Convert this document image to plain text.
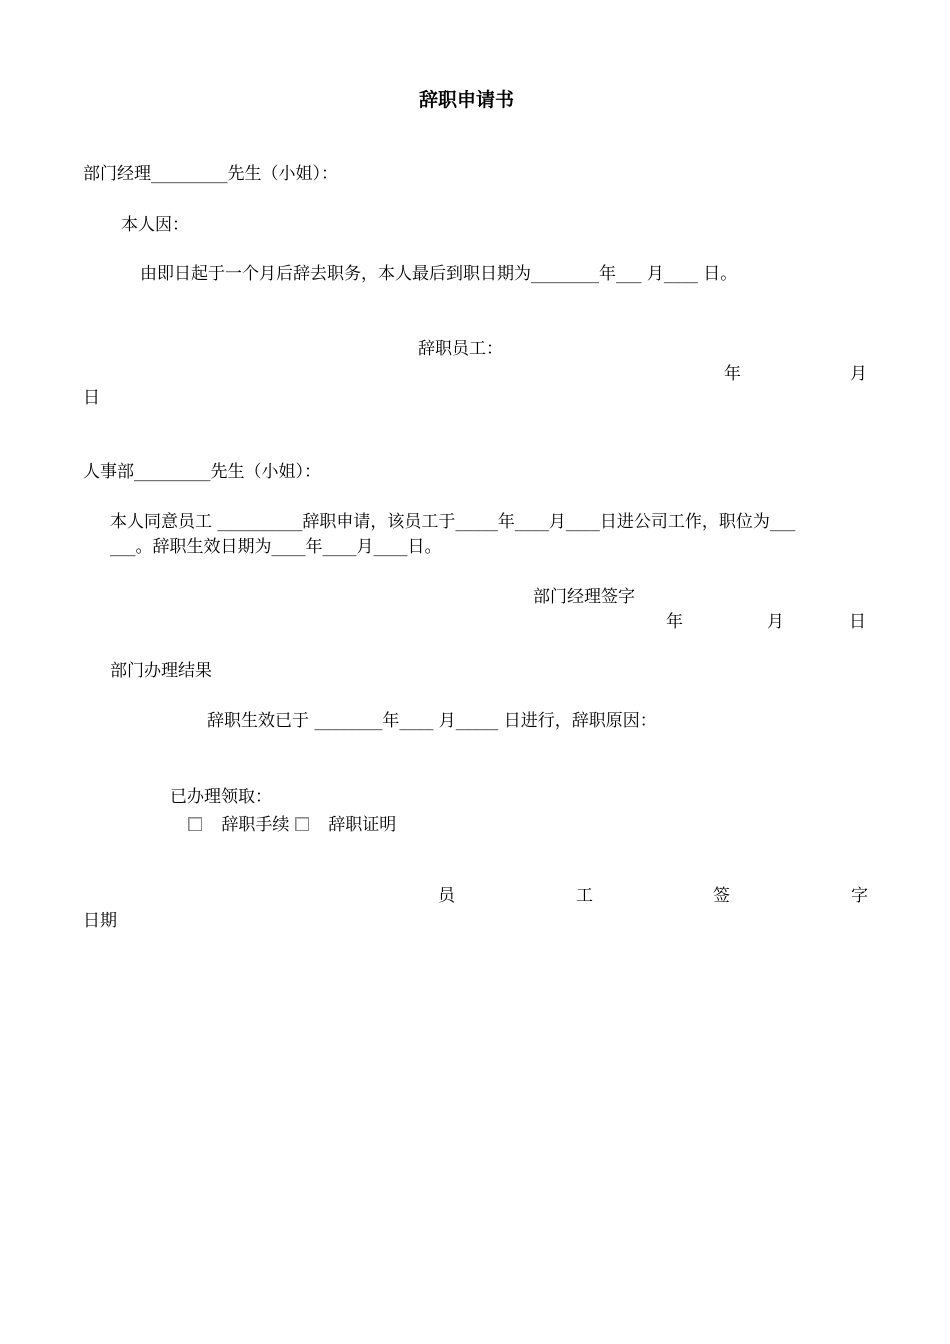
辞职申请书
部门经理_________先生（小姐）：
本人因：
由即日起于一个月后辞去职务，本人最后到职日期为________年___ 月____ 日。
辞职员工：
年	月
日
人事部_________先生（小姐）：
本人同意员工 __________辞职申请，该员工于_____年____月____日进公司工作，职位为___
___。辞职生效日期为____年____月____日。
部门经理签字
年	月	日
部门办理结果
辞职生效已于 ________年____ 月_____ 日进行，辞职原因：
已办理领取：
辞职手续 辞职证明
员	工	签	字
日期
